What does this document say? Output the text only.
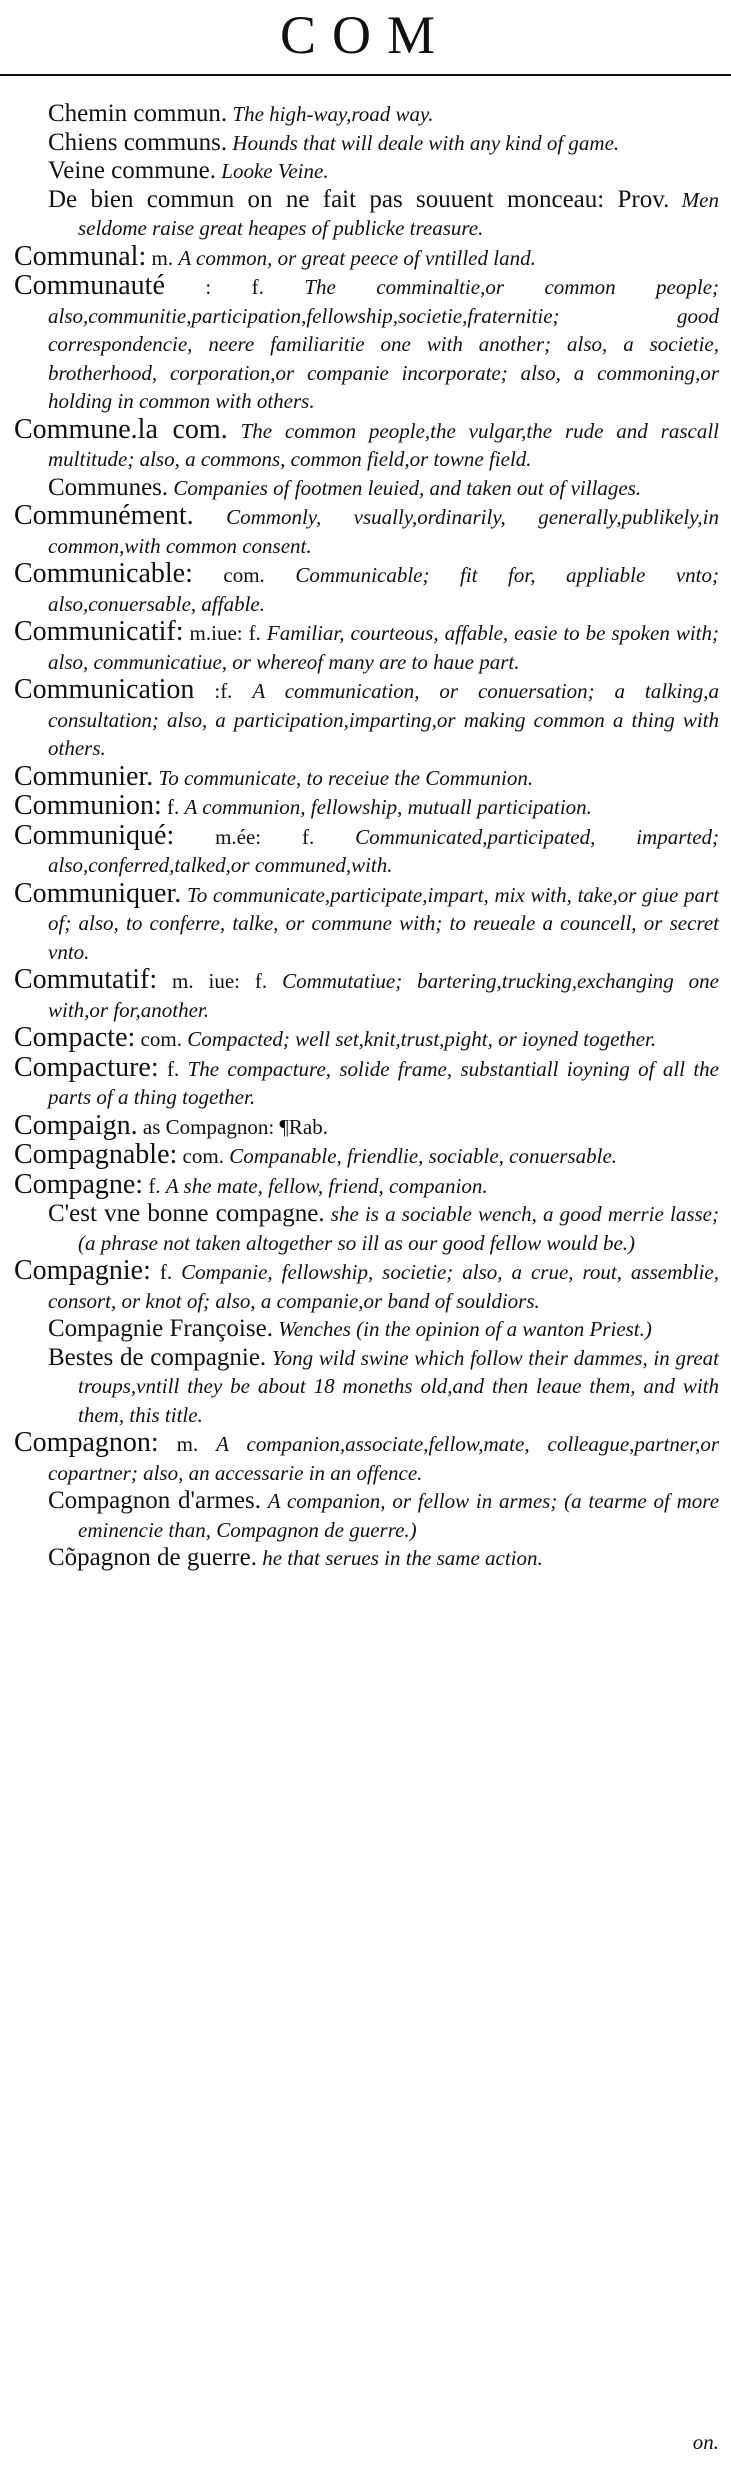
COM

Chemin commun. The high-way,road way.

Chiens communs. Hounds that will deale with any kind of game.

Veine commune. Looke Veine.

De bien commun on ne fait pas souuent monceau: Prov. Men seldome raise great heapes of publicke treasure.

Communal: m. A common, or great peece of vntilled land.

Communauté : f. The comminaltie,or common people; also,communitie,participation,fellowship,societie,fraternitie; good correspondencie, neere familiaritie one with another; also, a societie, brotherhood, corporation,or companie incorporate; also, a commoning,or holding in common with others.

Commune.la com. The common people,the vulgar,the rude and rascall multitude; also, a commons, common field,or towne field.

Communes. Companies of footmen leuied, and taken out of villages.

Communément. Commonly, vsually,ordinarily, generally,publikely,in common,with common consent.

Communicable: com. Communicable; fit for, appliable vnto; also,conuersable, affable.

Communicatif: m.iue: f. Familiar, courteous, affable, easie to be spoken with; also, communicatiue, or whereof many are to haue part.

Communication :f. A communication, or conuersation; a talking,a consultation; also, a participation,imparting,or making common a thing with others.

Communier. To communicate, to receiue the Communion.

Communion: f. A communion, fellowship, mutuall participation.

Communiqué: m.ée: f. Communicated,participated, imparted; also,conferred,talked,or communed,with.

Communiquer. To communicate,participate,impart, mix with, take,or giue part of; also, to conferre, talke, or commune with; to reueale a councell, or secret vnto.

Commutatif: m. iue: f. Commutatiue; bartering,trucking,exchanging one with,or for,another.

Compacte: com. Compacted; well set,knit,trust,pight, or ioyned together.

Compacture: f. The compacture, solide frame, substantiall ioyning of all the parts of a thing together.

Compaign. as Compagnon: ¶Rab.

Compagnable: com. Companable, friendlie, sociable, conuersable.

Compagne: f. A she mate, fellow, friend, companion.

C'est vne bonne compagne. she is a sociable wench, a good merrie lasse; (a phrase not taken altogether so ill as our good fellow would be.)

Compagnie: f. Companie, fellowship, societie; also, a crue, rout, assemblie, consort, or knot of; also, a companie,or band of souldiors.

Compagnie Françoise. Wenches (in the opinion of a wanton Priest.)

Bestes de compagnie. Yong wild swine which follow their dammes, in great troups,vntill they be about 18 moneths old,and then leaue them, and with them, this title.

Compagnon: m. A companion,associate,fellow,mate, colleague,partner,or copartner; also, an accessarie in an offence.

Compagnon d'armes. A companion, or fellow in armes; (a tearme of more eminencie than, Compagnon de guerre.)

Cõpagnon de guerre. he that serues in the same action.

on.
